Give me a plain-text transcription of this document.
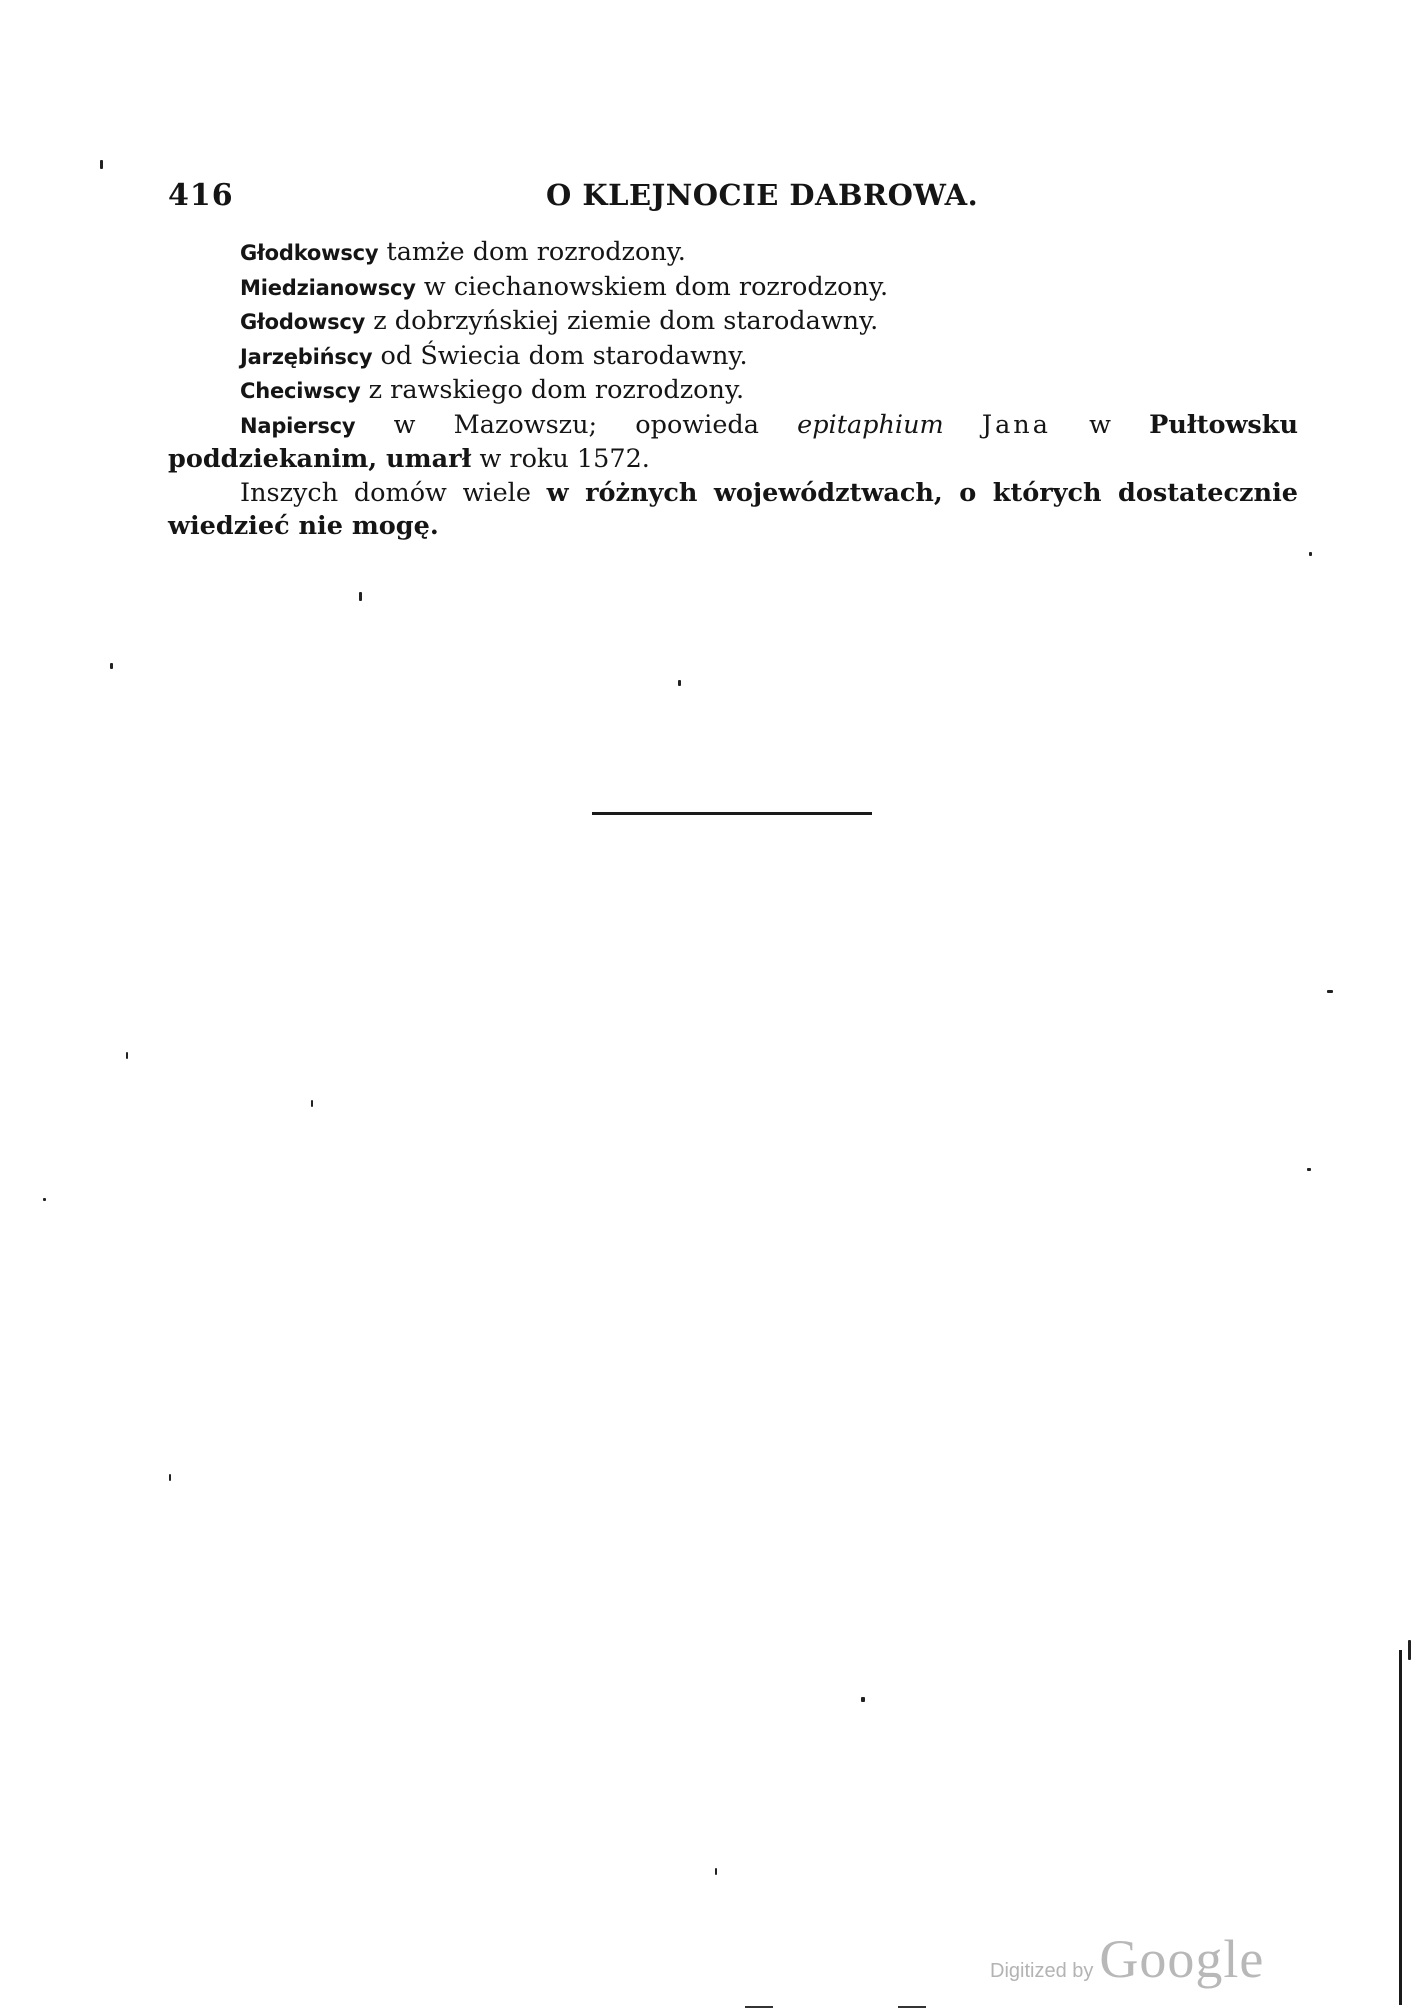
416	O KLEJNOCIE DABROWA.

Głodkowscy tamże dom rozrodzony.

Miedzianowscy w ciechanowskiem dom rozrodzony.

Głodowscy z dobrzyńskiej ziemie dom starodawny.

Jarzębińscy od Świecia dom starodawny.

Checiwscy z rawskiego dom rozrodzony.

Napierscy w Mazowszu; opowieda epitaphium Jana w Pułtowsku poddziekanim, umarł w roku 1572.

Inszych domów wiele w różnych województwach, o których dostatecznie wiedzieć nie mogę.

Digitized by Google
